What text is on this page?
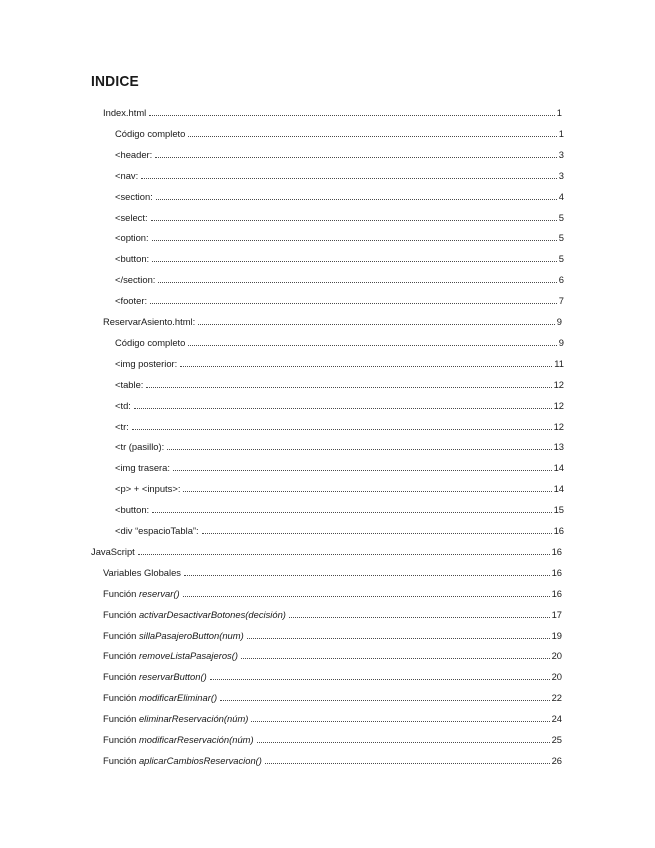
INDICE
Index.html	1
Código completo	1
<header:	3
<nav:	3
<section:	4
<select:	5
<option:	5
<button:	5
</section:	6
<footer:	7
ReservarAsiento.html:	9
Código completo	9
<img posterior:	11
<table:	12
<td:	12
<tr:	12
<tr (pasillo):	13
<img trasera:	14
<p> + <inputs>:	14
<button:	15
<div “espacioTabla”:	16
JavaScript	16
Variables Globales	16
Función reservar()	16
Función activarDesactivarBotones(decisión)	17
Función sillaPasajeroButton(num)	19
Función removeListaPasajeros()	20
Función reservarButton()	20
Función modificarEliminar()	22
Función eliminarReservación(núm)	24
Función modificarReservación(núm)	25
Función aplicarCambiosReservacion()	26
